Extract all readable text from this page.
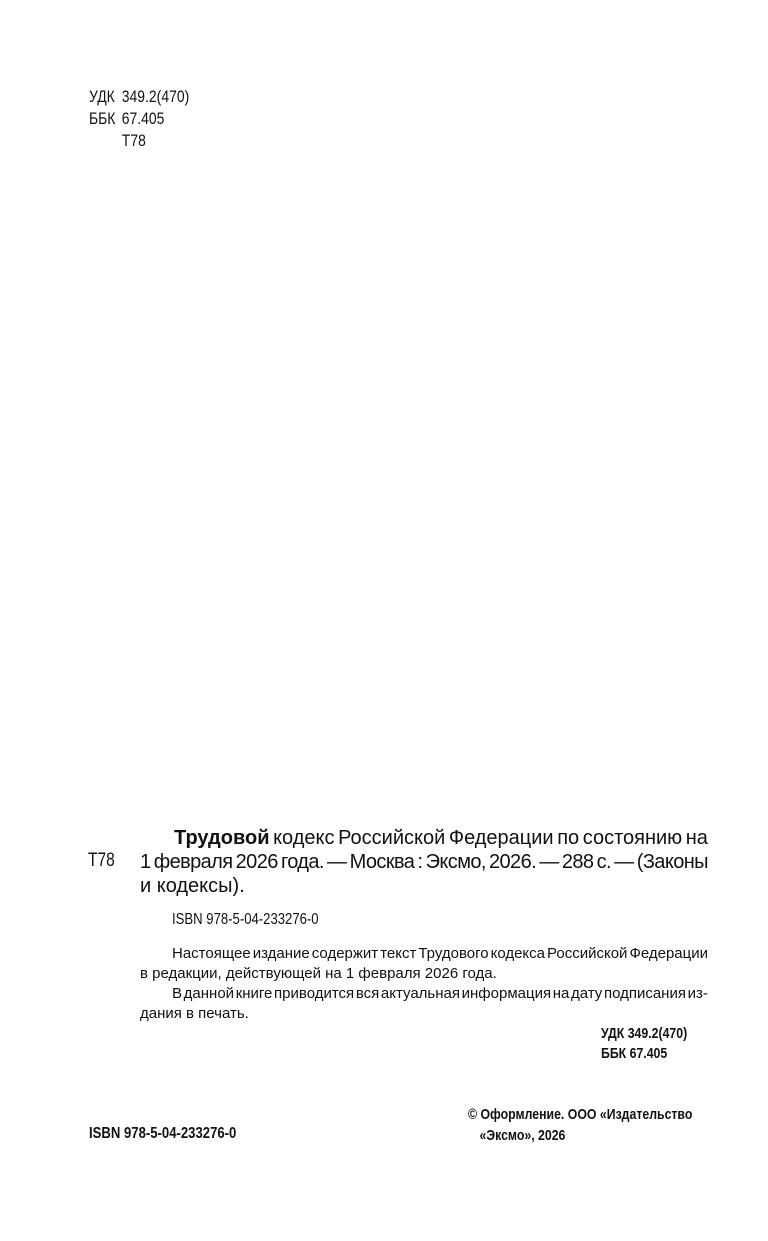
УДК 349.2(470)
ББК 67.405
Т78
Т78
Трудовой кодекс Российской Федерации по состоянию на
1 февраля 2026 года. — Москва : Эксмо, 2026. — 288 с. — (Законы
и кодексы).
ISBN 978-5-04-233276-0
Настоящее издание содержит текст Трудового кодекса Российской Федерации
в редакции, действующей на 1 февраля 2026 года.
В данной книге приводится вся актуальная информация на дату подписания из-
дания в печать.
УДК 349.2(470)
ББК 67.405
ISBN 978-5-04-233276-0
© Оформление. ООО «Издательство
«Эксмо», 2026
